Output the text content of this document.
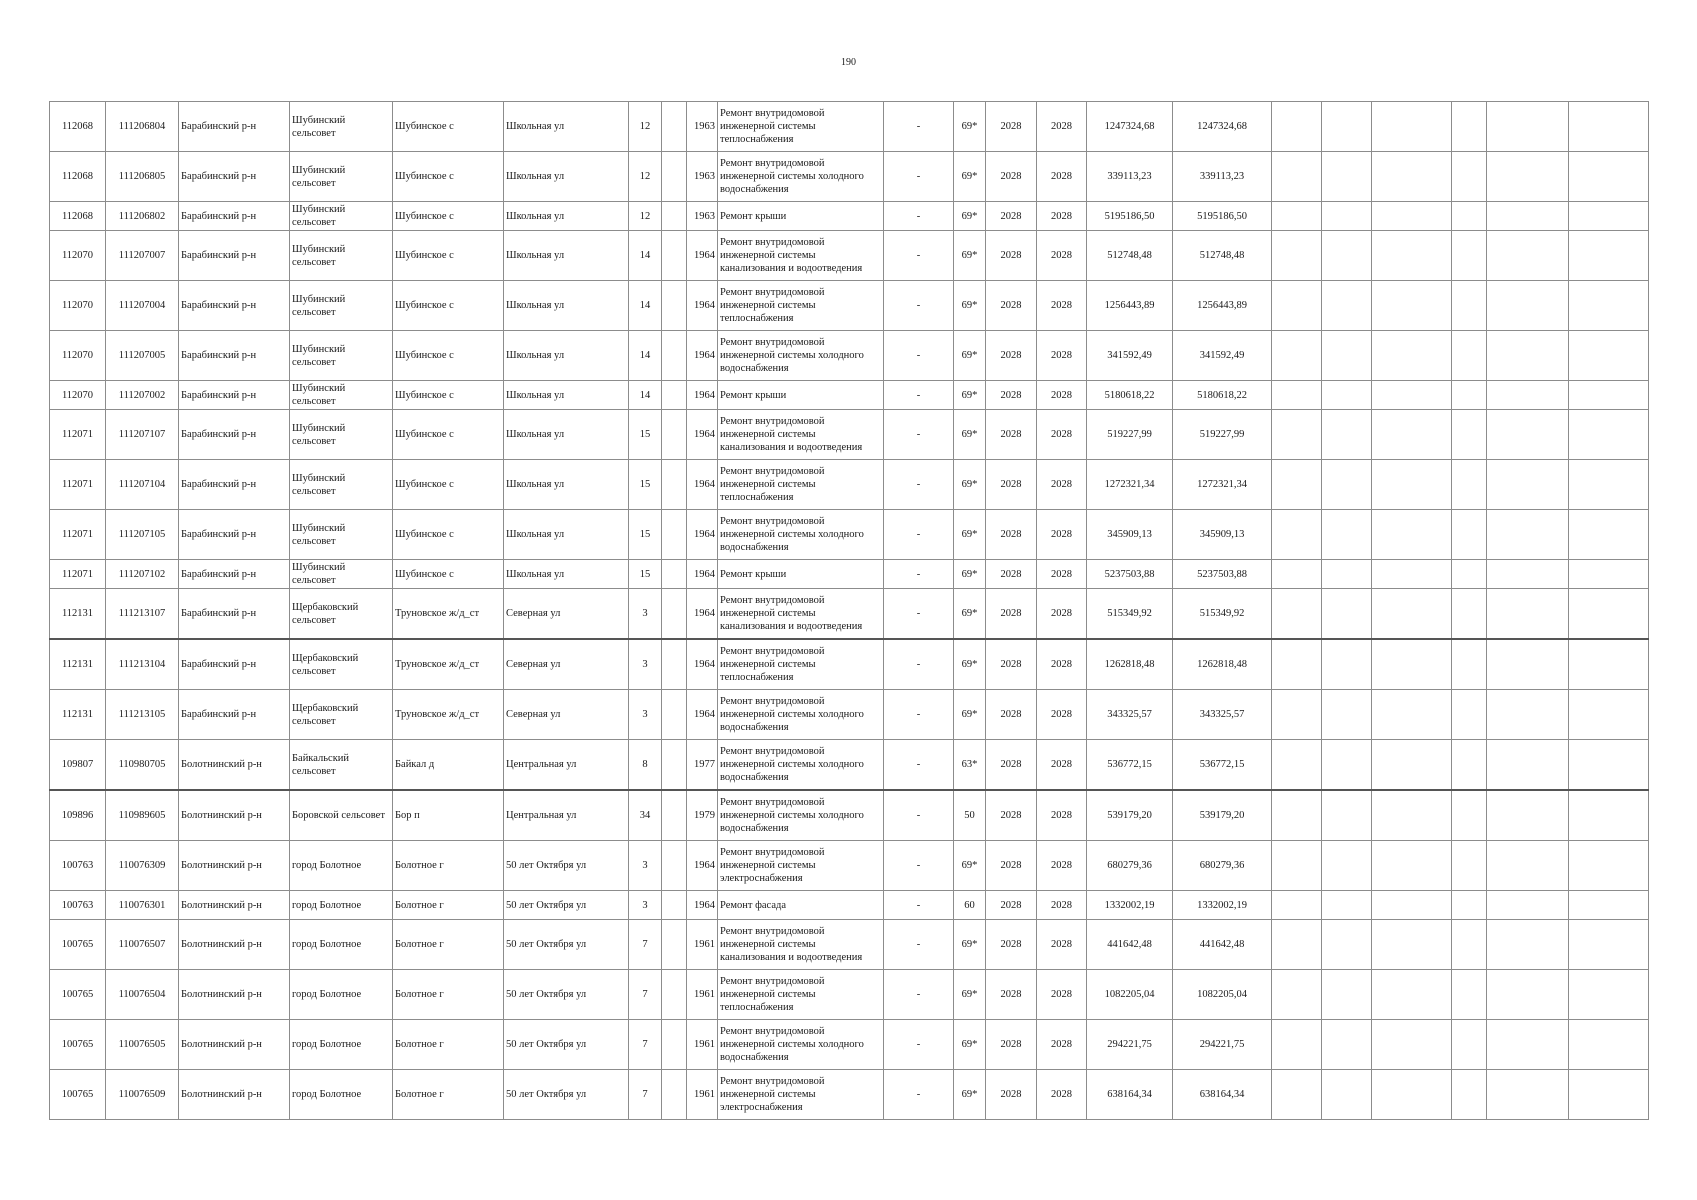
190
112068	111206804	Барабинский р-н	Шубинский сельсовет	Шубинское с	Школьная ул	12		1963	Ремонт внутридомовой инженерной системы теплоснабжения	-	69*	2028	2028	1247324,68	1247324,68						
112068	111206805	Барабинский р-н	Шубинский сельсовет	Шубинское с	Школьная ул	12		1963	Ремонт внутридомовой инженерной системы холодного водоснабжения	-	69*	2028	2028	339113,23	339113,23						
112068	111206802	Барабинский р-н	Шубинский сельсовет	Шубинское с	Школьная ул	12		1963	Ремонт крыши	-	69*	2028	2028	5195186,50	5195186,50						
112070	111207007	Барабинский р-н	Шубинский сельсовет	Шубинское с	Школьная ул	14		1964	Ремонт внутридомовой инженерной системы канализования и водоотведения	-	69*	2028	2028	512748,48	512748,48						
112070	111207004	Барабинский р-н	Шубинский сельсовет	Шубинское с	Школьная ул	14		1964	Ремонт внутридомовой инженерной системы теплоснабжения	-	69*	2028	2028	1256443,89	1256443,89						
112070	111207005	Барабинский р-н	Шубинский сельсовет	Шубинское с	Школьная ул	14		1964	Ремонт внутридомовой инженерной системы холодного водоснабжения	-	69*	2028	2028	341592,49	341592,49						
112070	111207002	Барабинский р-н	Шубинский сельсовет	Шубинское с	Школьная ул	14		1964	Ремонт крыши	-	69*	2028	2028	5180618,22	5180618,22						
112071	111207107	Барабинский р-н	Шубинский сельсовет	Шубинское с	Школьная ул	15		1964	Ремонт внутридомовой инженерной системы канализования и водоотведения	-	69*	2028	2028	519227,99	519227,99						
112071	111207104	Барабинский р-н	Шубинский сельсовет	Шубинское с	Школьная ул	15		1964	Ремонт внутридомовой инженерной системы теплоснабжения	-	69*	2028	2028	1272321,34	1272321,34						
112071	111207105	Барабинский р-н	Шубинский сельсовет	Шубинское с	Школьная ул	15		1964	Ремонт внутридомовой инженерной системы холодного водоснабжения	-	69*	2028	2028	345909,13	345909,13						
112071	111207102	Барабинский р-н	Шубинский сельсовет	Шубинское с	Школьная ул	15		1964	Ремонт крыши	-	69*	2028	2028	5237503,88	5237503,88						
112131	111213107	Барабинский р-н	Щербаковский сельсовет	Труновское ж/д_ст	Северная ул	3		1964	Ремонт внутридомовой инженерной системы канализования и водоотведения	-	69*	2028	2028	515349,92	515349,92						
112131	111213104	Барабинский р-н	Щербаковский сельсовет	Труновское ж/д_ст	Северная ул	3		1964	Ремонт внутридомовой инженерной системы теплоснабжения	-	69*	2028	2028	1262818,48	1262818,48						
112131	111213105	Барабинский р-н	Щербаковский сельсовет	Труновское ж/д_ст	Северная ул	3		1964	Ремонт внутридомовой инженерной системы холодного водоснабжения	-	69*	2028	2028	343325,57	343325,57						
109807	110980705	Болотнинский р-н	Байкальский сельсовет	Байкал д	Центральная ул	8		1977	Ремонт внутридомовой инженерной системы холодного водоснабжения	-	63*	2028	2028	536772,15	536772,15						
109896	110989605	Болотнинский р-н	Боровской сельсовет	Бор п	Центральная ул	34		1979	Ремонт внутридомовой инженерной системы холодного водоснабжения	-	50	2028	2028	539179,20	539179,20						
100763	110076309	Болотнинский р-н	город Болотное	Болотное г	50 лет Октября ул	3		1964	Ремонт внутридомовой инженерной системы электроснабжения	-	69*	2028	2028	680279,36	680279,36						
100763	110076301	Болотнинский р-н	город Болотное	Болотное г	50 лет Октября ул	3		1964	Ремонт фасада	-	60	2028	2028	1332002,19	1332002,19						
100765	110076507	Болотнинский р-н	город Болотное	Болотное г	50 лет Октября ул	7		1961	Ремонт внутридомовой инженерной системы канализования и водоотведения	-	69*	2028	2028	441642,48	441642,48						
100765	110076504	Болотнинский р-н	город Болотное	Болотное г	50 лет Октября ул	7		1961	Ремонт внутридомовой инженерной системы теплоснабжения	-	69*	2028	2028	1082205,04	1082205,04						
100765	110076505	Болотнинский р-н	город Болотное	Болотное г	50 лет Октября ул	7		1961	Ремонт внутридомовой инженерной системы холодного водоснабжения	-	69*	2028	2028	294221,75	294221,75						
100765	110076509	Болотнинский р-н	город Болотное	Болотное г	50 лет Октября ул	7		1961	Ремонт внутридомовой инженерной системы электроснабжения	-	69*	2028	2028	638164,34	638164,34						
